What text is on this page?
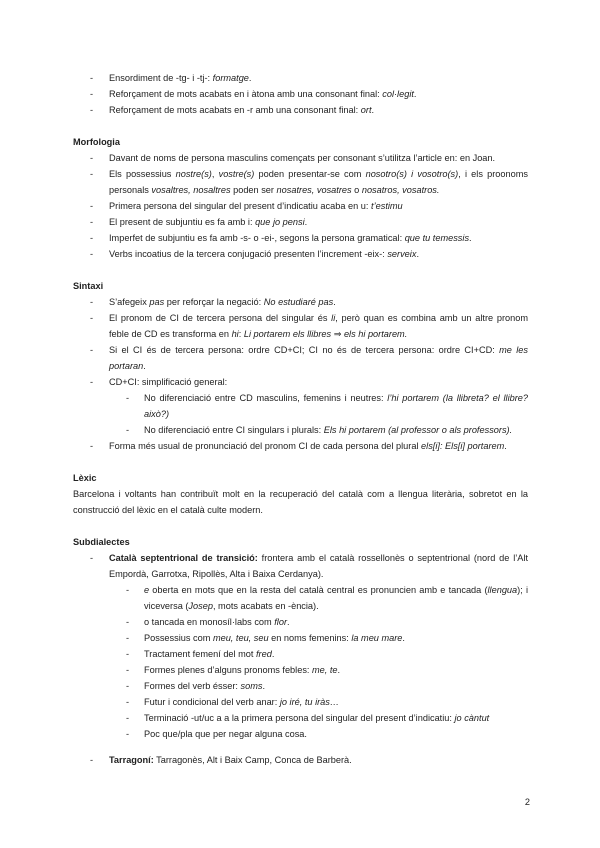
- Ensordiment de -tg- i -tj-: formatge.
- Reforçament de mots acabats en i àtona amb una consonant final: col·legit.
- Reforçament de mots acabats en -r amb una consonant final: ort.

Morfologia

- Davant de noms de persona masculins començats per consonant s’utilitza l’article en: en Joan.
- Els possessius nostre(s), vostre(s) poden presentar-se com nosotro(s) i vosotro(s), i els proonoms personals vosaltres, nosaltres poden ser nosatres, vosatres o nosatros, vosatros.
- Primera persona del singular del present d’indicatiu acaba en u: t’estimu
- El present de subjuntiu es fa amb i: que jo pensi.
- Imperfet de subjuntiu es fa amb -s- o -ei-, segons la persona gramatical: que tu temessis.
- Verbs incoatius de la tercera conjugació presenten l’increment -eix-: serveix.

Sintaxi

- S’afegeix pas per reforçar la negació: No estudiaré pas.
- El pronom de CI de tercera persona del singular és li, però quan es combina amb un altre pronom feble de CD es transforma en hi: Li portarem els llibres ⇒ els hi portarem.
- Si el CI és de tercera persona: ordre CD+CI; CI no és de tercera persona: ordre CI+CD: me les portaran.
- CD+CI: simplificació general:
- No diferenciació entre CD masculins, femenins i neutres: l’hi portarem (la llibreta? el llibre? això?)
- No diferenciació entre CI singulars i plurals: Els hi portarem (al professor o als professors).
- Forma més usual de pronunciació del pronom CI de cada persona del plural els[i]: Els[i] portarem.

Lèxic

Barcelona i voltants han contribuït molt en la recuperació del català com a llengua literària, sobretot en la construcció del lèxic en el català culte modern.

Subdialectes

- Català septentrional de transició: frontera amb el català rossellonès o septentrional (nord de l’Alt Empordà, Garrotxa, Ripollès, Alta i Baixa Cerdanya).
- e oberta en mots que en la resta del català central es pronuncien amb e tancada (llengua); i viceversa (Josep, mots acabats en -ència).
- o tancada en monosíl·labs com flor.
- Possessius com meu, teu, seu en noms femenins: la meu mare.
- Tractament femení del mot fred.
- Formes plenes d’alguns pronoms febles: me, te.
- Formes del verb ésser: soms.
- Futur i condicional del verb anar: jo iré, tu iràs…
- Terminació -ut/uc a a la primera persona del singular del present d’indicatiu: jo càntut
- Poc que/pla que per negar alguna cosa.
- Tarragoní: Tarragonès, Alt i Baix Camp, Conca de Barberà.
2
